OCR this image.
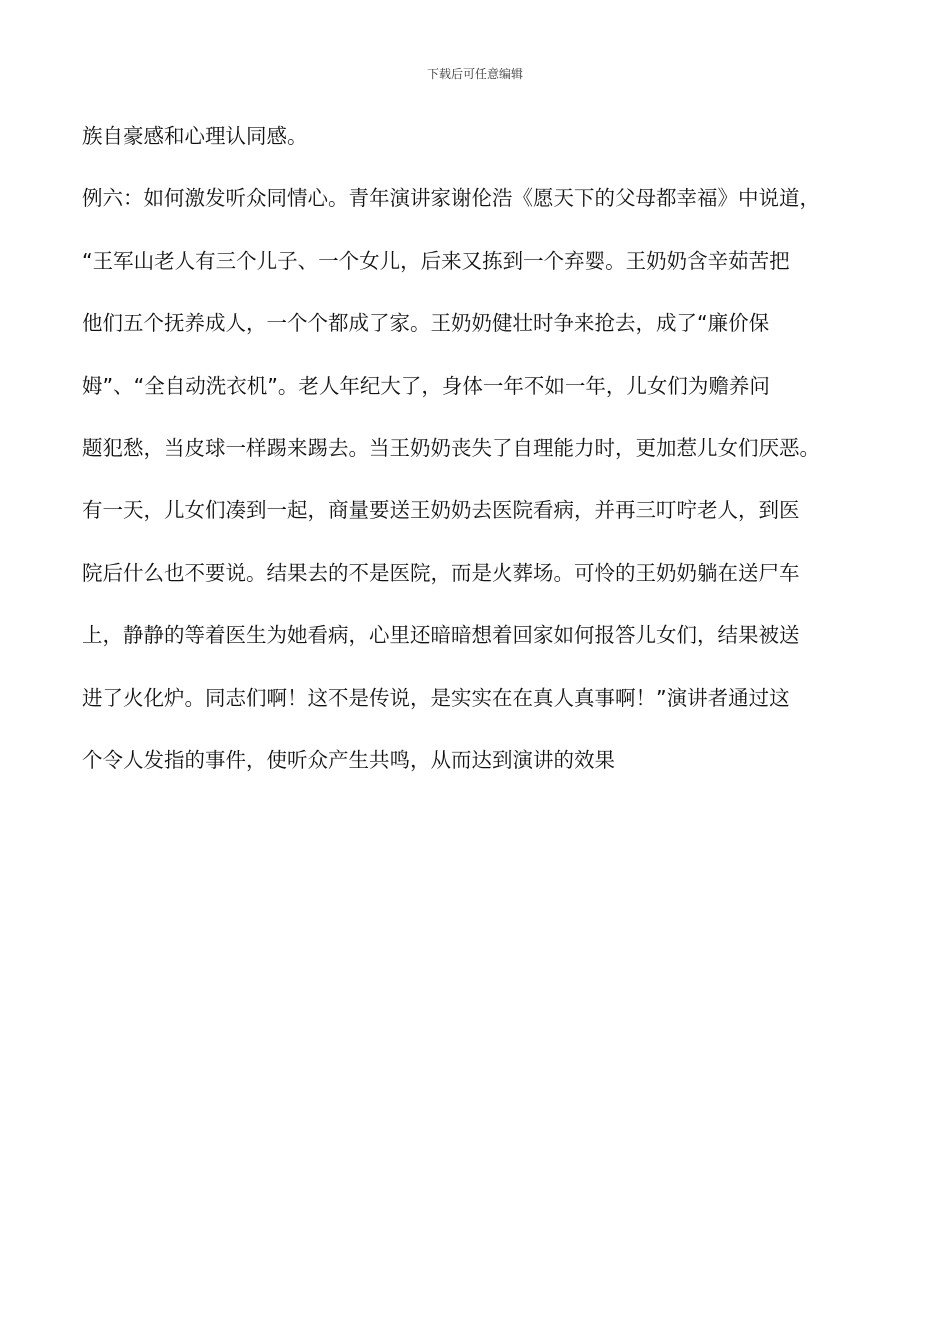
下载后可任意编辑
族自豪感和心理认同感。
例六：如何激发听众同情心。青年演讲家谢伦浩《愿天下的父母都幸福》中说道，
“王军山老人有三个儿子、一个女儿，后来又拣到一个弃婴。王奶奶含辛茹苦把
他们五个抚养成人，一个个都成了家。王奶奶健壮时争来抢去，成了“廉价保
姆”、“全自动洗衣机”。老人年纪大了，身体一年不如一年，儿女们为赡养问
题犯愁，当皮球一样踢来踢去。当王奶奶丧失了自理能力时，更加惹儿女们厌恶。
有一天，儿女们凑到一起，商量要送王奶奶去医院看病，并再三叮咛老人，到医
院后什么也不要说。结果去的不是医院，而是火葬场。可怜的王奶奶躺在送尸车
上，静静的等着医生为她看病，心里还暗暗想着回家如何报答儿女们，结果被送
进了火化炉。同志们啊！这不是传说，是实实在在真人真事啊！”演讲者通过这
个令人发指的事件，使听众产生共鸣，从而达到演讲的效果
